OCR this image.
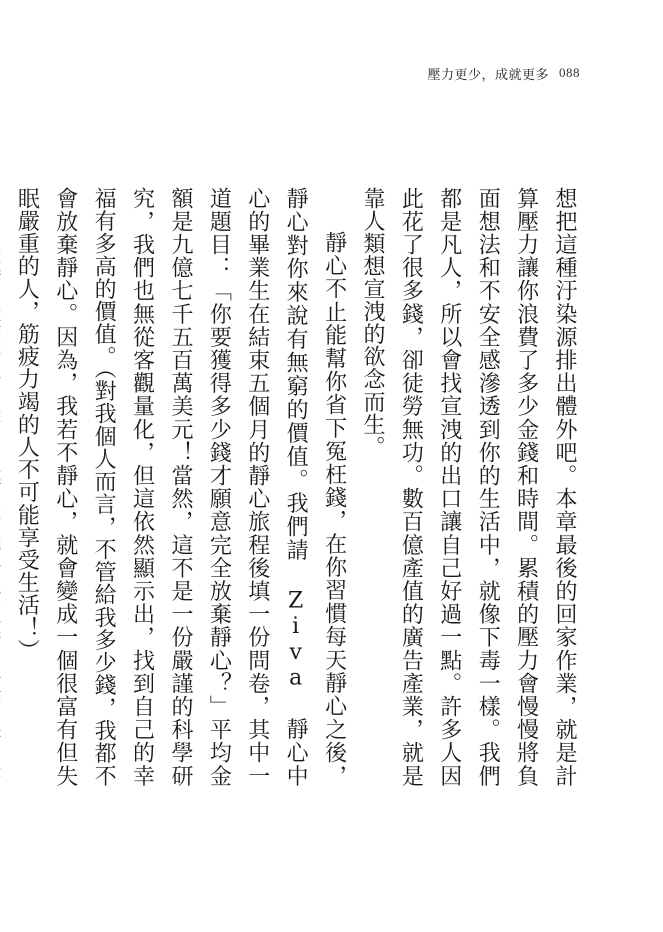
壓力更少，成就更多 088

想把這種汙染源排出體外吧。本章最後的回家作業，就是計算壓力讓你浪費了多少金錢和時間。累積的壓力會慢慢將負面想法和不安全感滲透到你的生活中，就像下毒一樣。我們都是凡人，所以會找宣洩的出口讓自己好過一點。許多人因此花了很多錢，卻徒勞無功。數百億產值的廣告產業，就是靠人類想宣洩的欲念而生。

靜心不止能幫你省下冤枉錢，在你習慣每天靜心之後，靜心對你來說有無窮的價值。我們請 Ziva 靜心中心的畢業生在結束五個月的靜心旅程後填一份問卷，其中一道題目：「你要獲得多少錢才願意完全放棄靜心？」平均金額是九億七千五百萬美元！當然，這不是一份嚴謹的科學研究，我們也無從客觀量化，但這依然顯示出，找到自己的幸福有多高的價值。（對我個人而言，不管給我多少錢，我都不會放棄靜心。因為，我若不靜心，就會變成一個很富有但失眠嚴重的人，筋疲力竭的人不可能享受生活！）
